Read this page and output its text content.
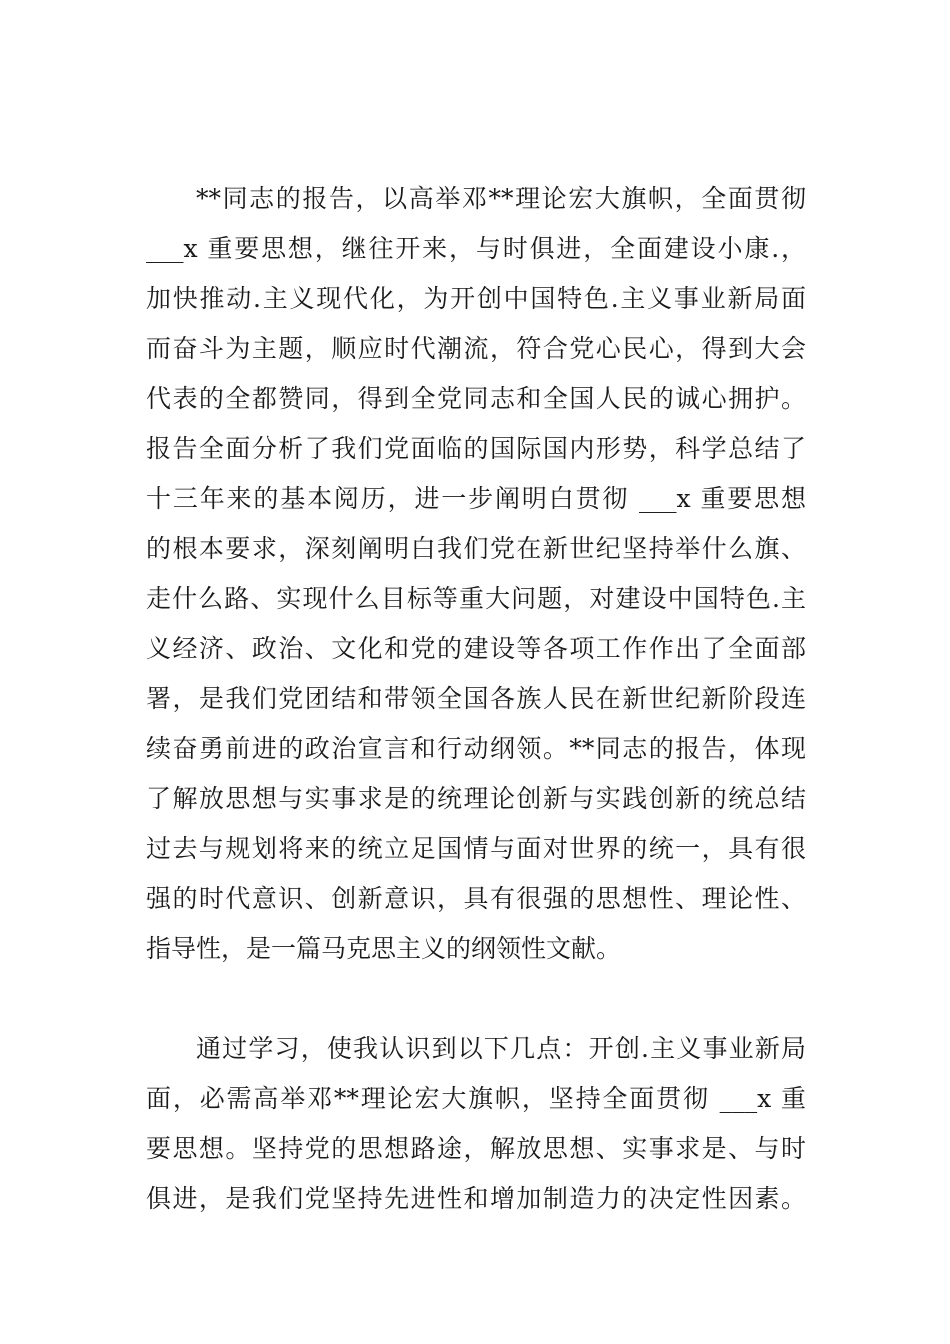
**同志的报告，以高举邓**理论宏大旗帜，全面贯彻
___x 重要思想，继往开来，与时俱进，全面建设小康.，
加快推动.主义现代化，为开创中国特色.主义事业新局面
而奋斗为主题，顺应时代潮流，符合党心民心，得到大会
代表的全都赞同，得到全党同志和全国人民的诚心拥护。
报告全面分析了我们党面临的国际国内形势，科学总结了
十三年来的基本阅历，进一步阐明白贯彻 ___x 重要思想
的根本要求，深刻阐明白我们党在新世纪坚持举什么旗、
走什么路、实现什么目标等重大问题，对建设中国特色.主
义经济、政治、文化和党的建设等各项工作作出了全面部
署，是我们党团结和带领全国各族人民在新世纪新阶段连
续奋勇前进的政治宣言和行动纲领。**同志的报告，体现
了解放思想与实事求是的统理论创新与实践创新的统总结
过去与规划将来的统立足国情与面对世界的统一，具有很
强的时代意识、创新意识，具有很强的思想性、理论性、
指导性，是一篇马克思主义的纲领性文献。
通过学习，使我认识到以下几点：开创.主义事业新局
面，必需高举邓**理论宏大旗帜，坚持全面贯彻 ___x 重
要思想。坚持党的思想路途，解放思想、实事求是、与时
俱进，是我们党坚持先进性和增加制造力的决定性因素。
